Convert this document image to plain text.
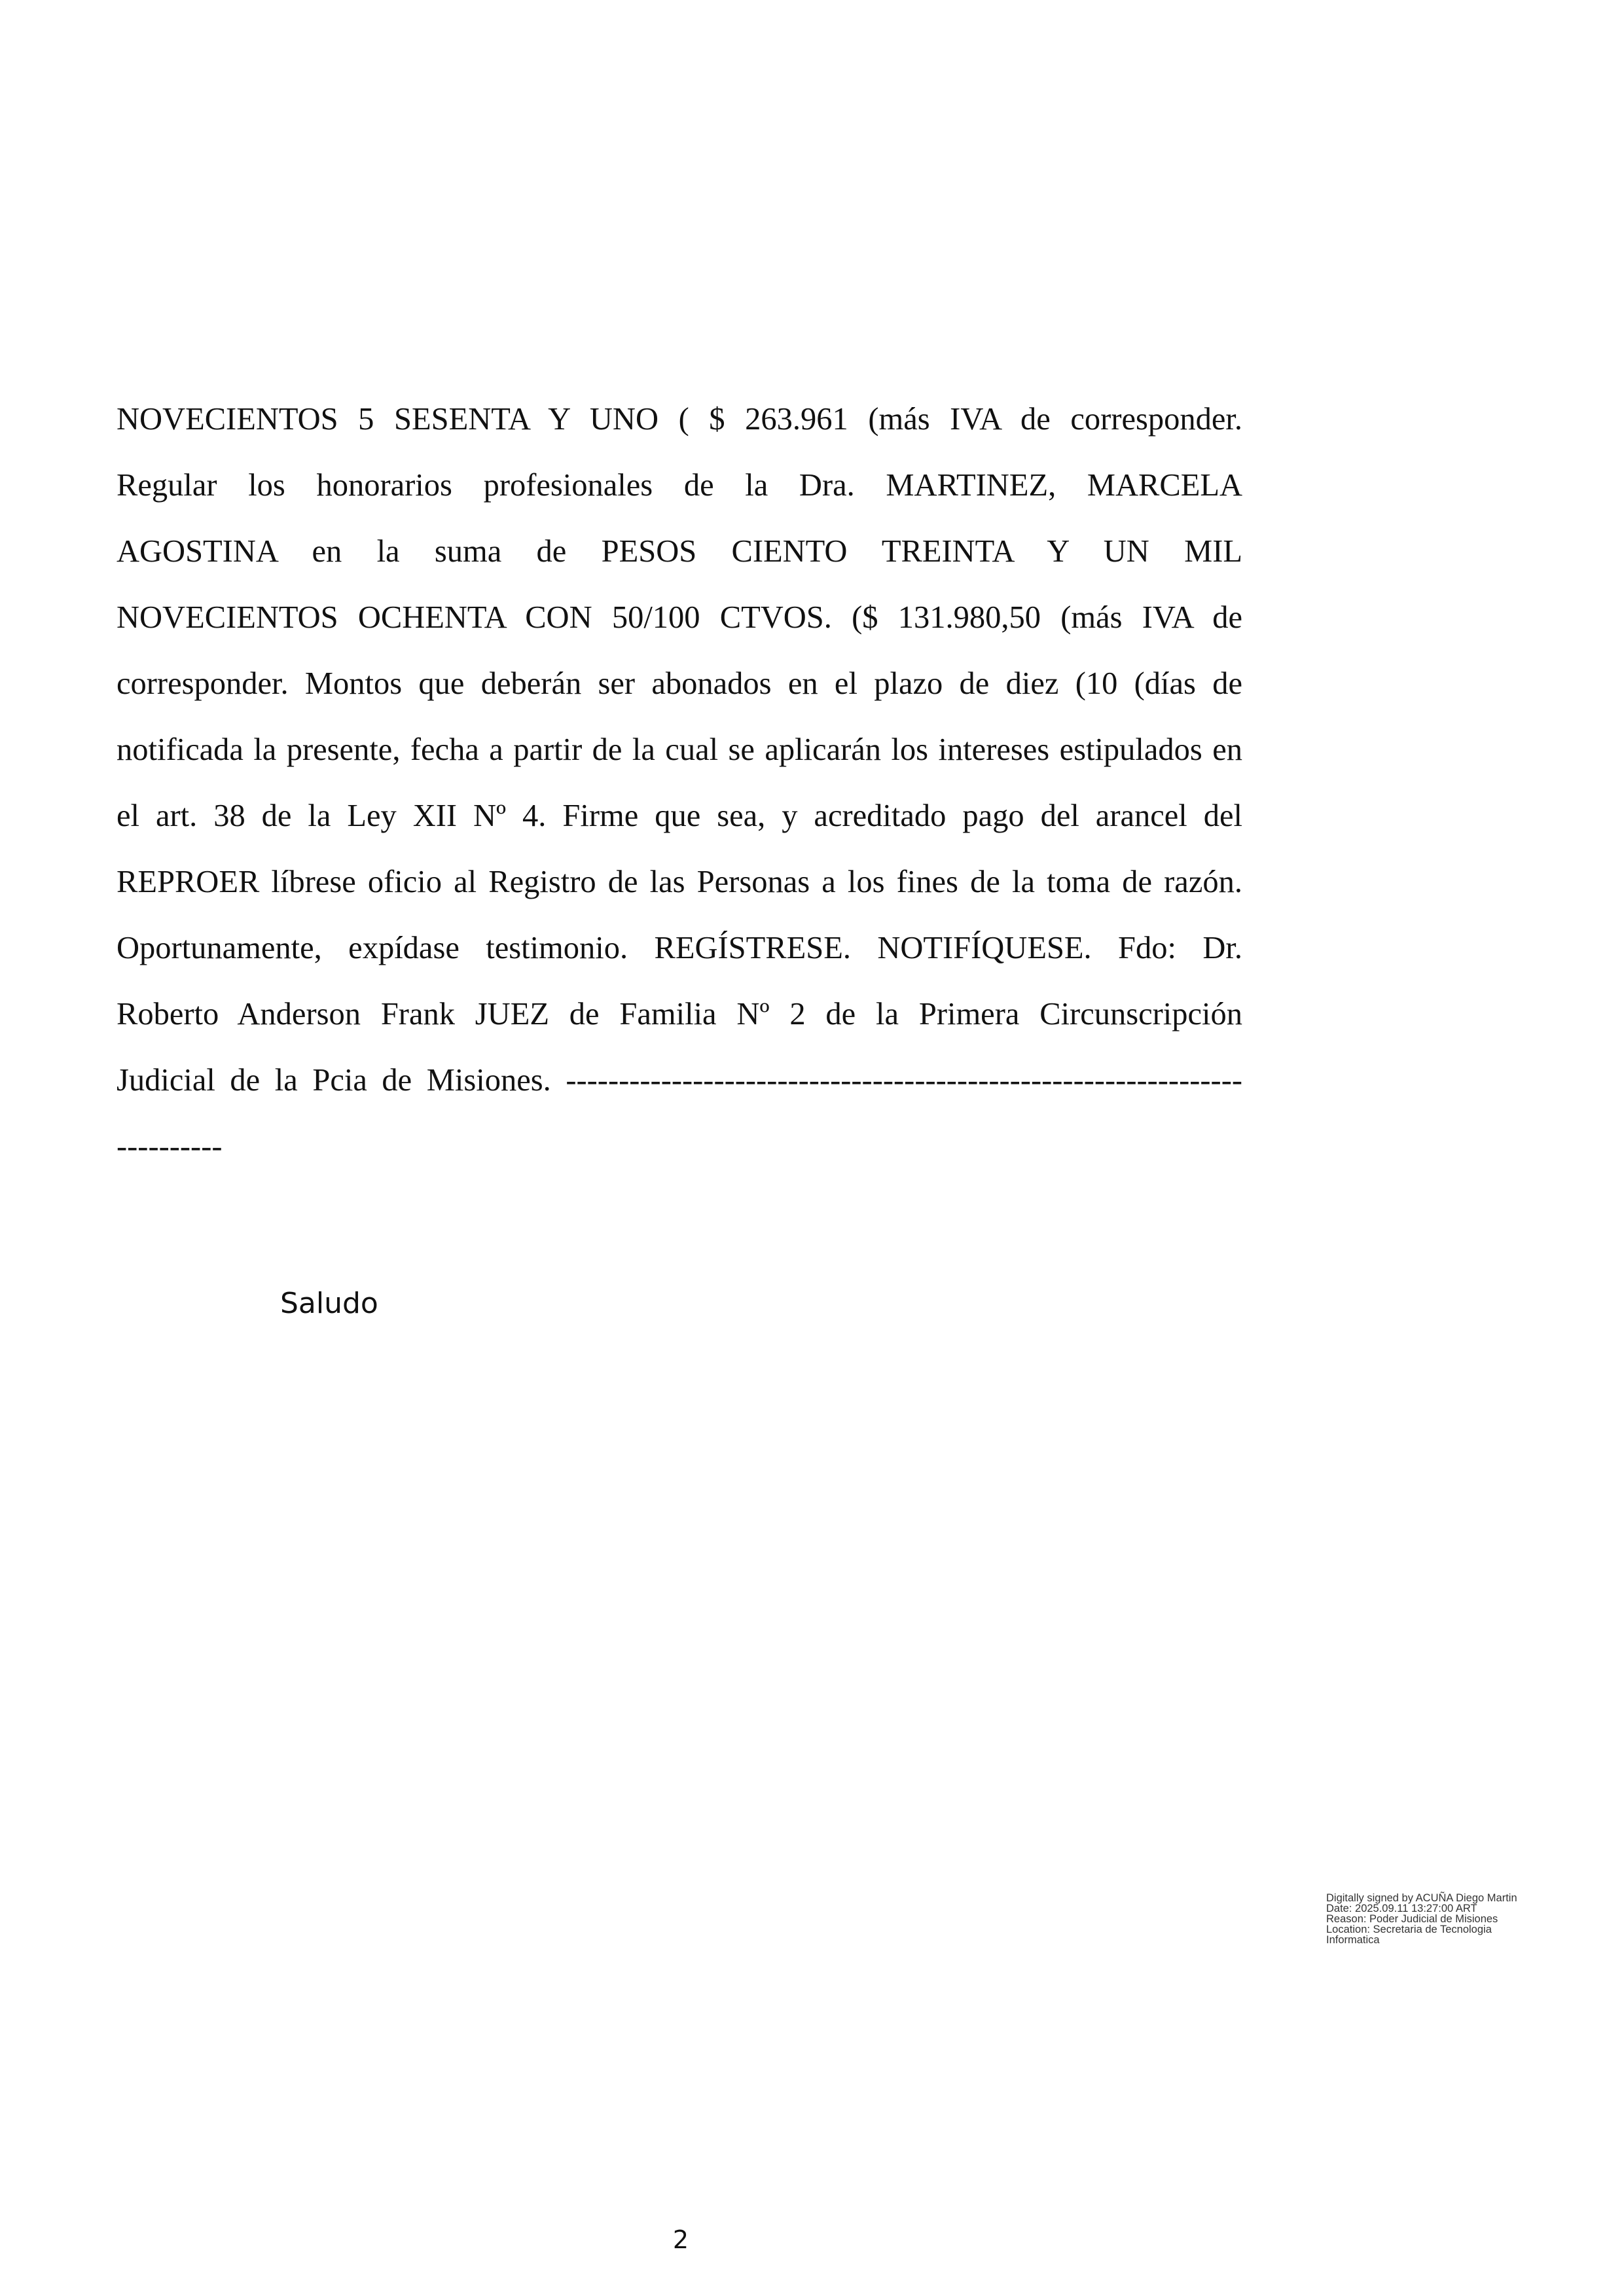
NOVECIENTOS 5 SESENTA Y UNO ( $ 263.961 (más IVA de corresponder.
Regular los honorarios profesionales de la Dra. MARTINEZ, MARCELA
AGOSTINA en la suma de PESOS CIENTO TREINTA Y UN MIL
NOVECIENTOS OCHENTA CON 50/100 CTVOS. ($ 131.980,50 (más IVA de
corresponder. Montos que deberán ser abonados en el plazo de diez (10 (días de
notificada la presente, fecha a partir de la cual se aplicarán los intereses estipulados en
el art. 38 de la Ley XII Nº 4. Firme que sea, y acreditado pago del arancel del
REPROER líbrese oficio al Registro de las Personas a los fines de la toma de razón.
Oportunamente, expídase testimonio. REGÍSTRESE. NOTIFÍQUESE. Fdo: Dr.
Roberto Anderson Frank JUEZ de Familia Nº 2 de la Primera Circunscripción
Judicial de la Pcia de Misiones. ----------------------------------------------------------------
----------
Saludo
Digitally signed by ACUÑA Diego Martin
Date: 2025.09.11 13:27:00 ART
Reason: Poder Judicial de Misiones
Location: Secretaria de Tecnologia
Informatica
2
